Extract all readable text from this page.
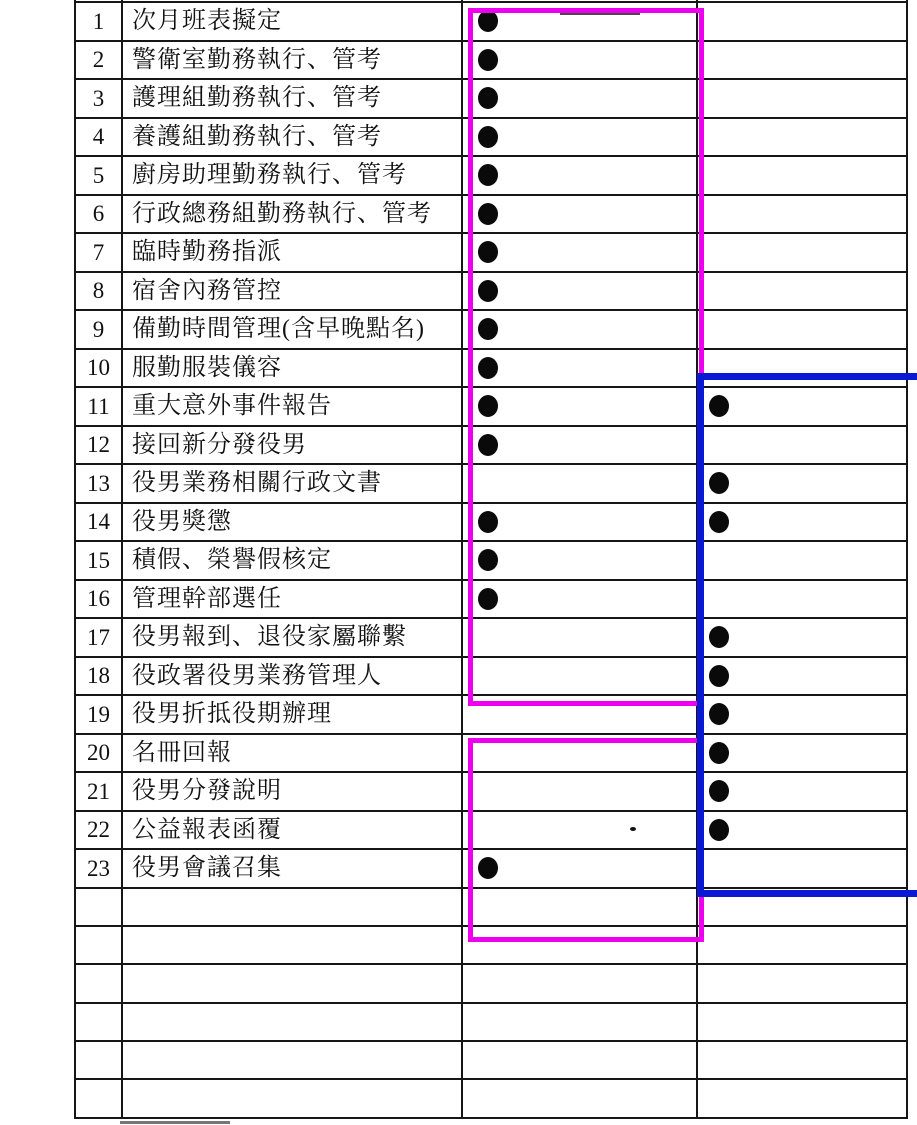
1 次月班表擬定
2 警衛室勤務執行、管考
3 護理組勤務執行、管考
4 養護組勤務執行、管考
5 廚房助理勤務執行、管考
6 行政總務組勤務執行、管考
7 臨時勤務指派
8 宿舍內務管控
9 備勤時間管理(含早晚點名)
10 服勤服裝儀容
11 重大意外事件報告
12 接回新分發役男
13 役男業務相關行政文書
14 役男獎懲
15 積假、榮譽假核定
16 管理幹部選任
17 役男報到、退役家屬聯繫
18 役政署役男業務管理人
19 役男折抵役期辦理
20 名冊回報
21 役男分發說明
22 公益報表函覆
23 役男會議召集
